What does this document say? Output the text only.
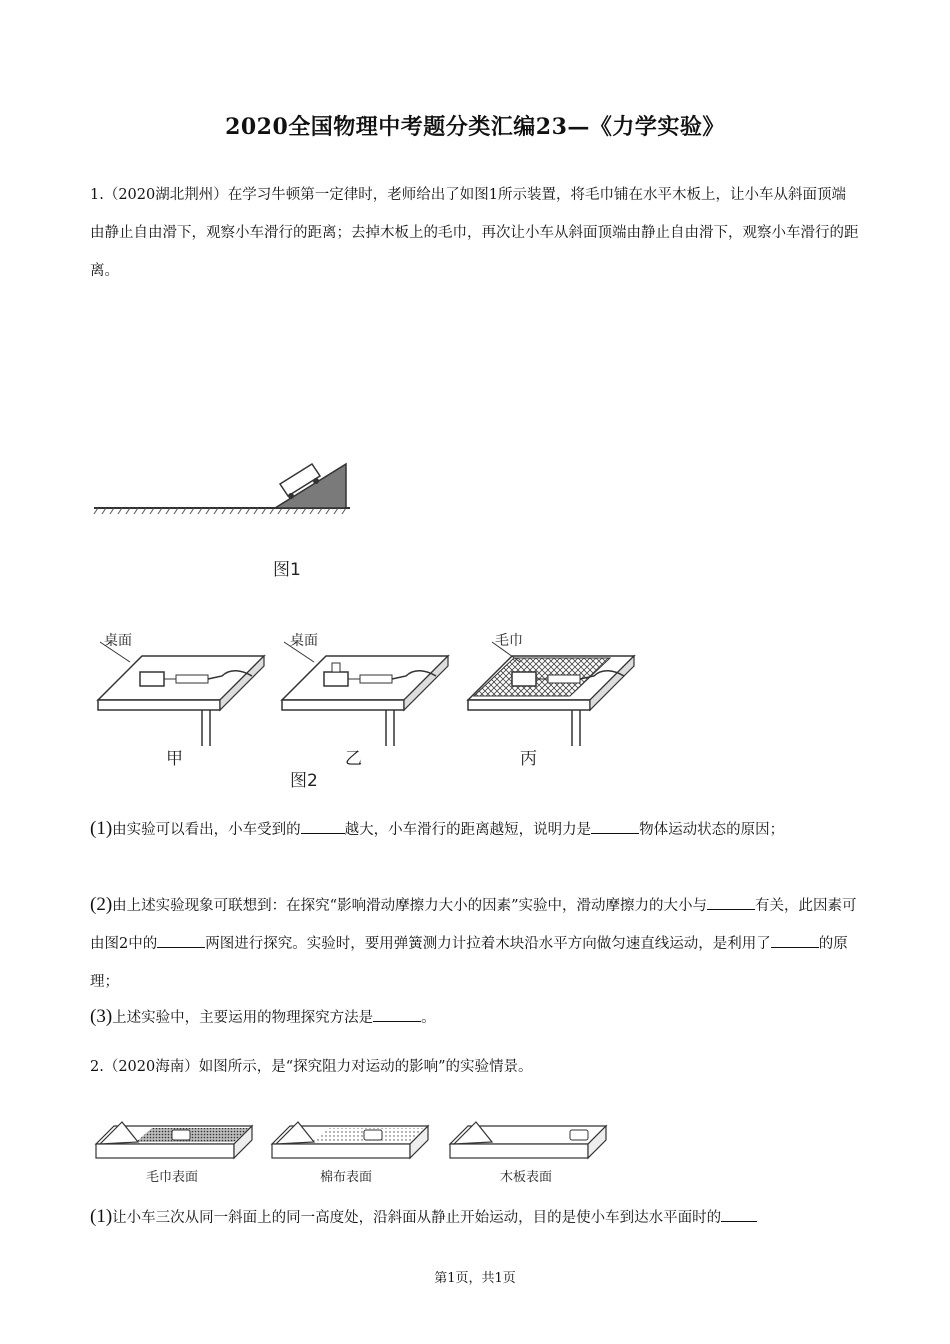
2020全国物理中考题分类汇编23—《力学实验》
1.（2020湖北荆州）在学习牛顿第一定律时，老师给出了如图1所示装置，将毛巾铺在水平木板上，让小车从斜面顶端由静止自由滑下，观察小车滑行的距离；去掉木板上的毛巾，再次让小车从斜面顶端由静止自由滑下，观察小车滑行的距离。
图1
桌面	桌面	毛巾
甲	乙	丙
图2
(1)由实验可以看出，小车受到的	越大，小车滑行的距离越短，说明力是	物体运动状态的原因；
(2)由上述实验现象可联想到：在探究“影响滑动摩擦力大小的因素”实验中，滑动摩擦力的大小与	有关，此因素可由图2中的	两图进行探究。实验时，要用弹簧测力计拉着木块沿水平方向做匀速直线运动，是利用了	的原理；
(3)上述实验中，主要运用的物理探究方法是	。
2.（2020海南）如图所示，是“探究阻力对运动的影响”的实验情景。
毛巾表面	棉布表面	木板表面
(1)让小车三次从同一斜面上的同一高度处，沿斜面从静止开始运动，目的是使小车到达水平面时的
第1页，共1页
